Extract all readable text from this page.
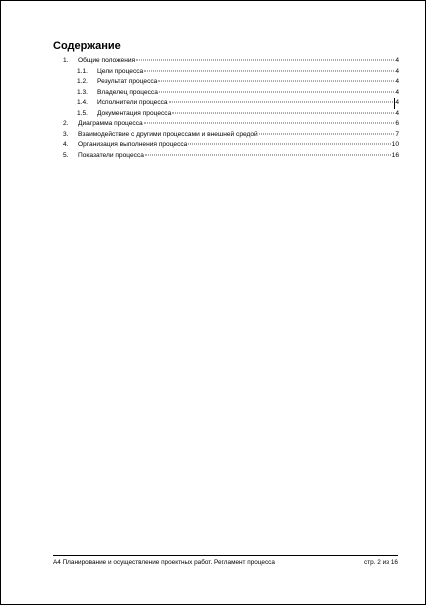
Содержание
1.	Общие положения	4
1.1.	Цели процесса	4
1.2.	Результат процесса	4
1.3.	Владелец процесса	4
1.4.	Исполнители процесса	4
1.5.	Документация процесса	4
2.	Диаграмма процесса	6
3.	Взаимодействие с другими процессами и внешней средой	7
4.	Организация выполнения процесса	10
5.	Показатели процесса	16
А4 Планирование и осуществление проектных работ. Регламент процесса	стр. 2 из 16
